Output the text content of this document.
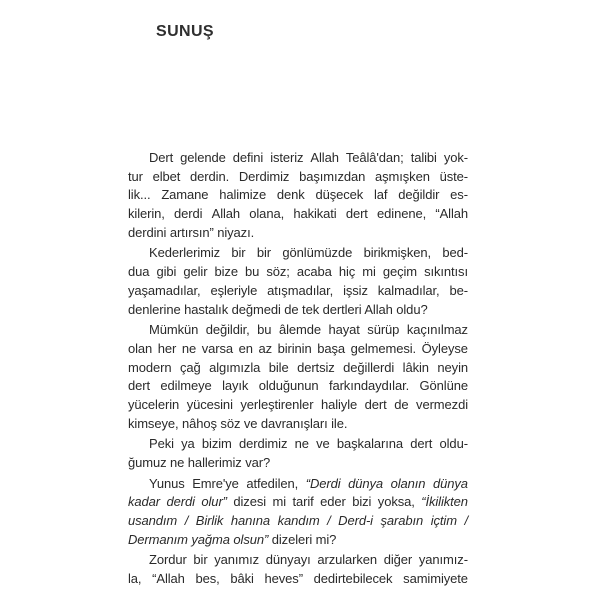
SUNUŞ
Dert gelende defini isteriz Allah Teâlâ'dan; talibi yok-
tur elbet derdin. Derdimiz başımızdan aşmışken üste-
lik... Zamane halimize denk düşecek laf değildir es-
kilerin, derdi Allah olana, hakikati dert edinene, “Allah
derdini artırsın” niyazı.
Kederlerimiz bir bir gönlümüzde birikmişken, bed-
dua gibi gelir bize bu söz; acaba hiç mi geçim sıkıntısı
yaşamadılar, eşleriyle atışmadılar, işsiz kalmadılar, be-
denlerine hastalık değmedi de tek dertleri Allah oldu?
Mümkün değildir, bu âlemde hayat sürüp kaçınılmaz
olan her ne varsa en az birinin başa gelmemesi. Öyleyse
modern çağ algımızla bile dertsiz değillerdi lâkin neyin
dert edilmeye layık olduğunun farkındaydılar. Gönlüne
yücelerin yücesini yerleştirenler haliyle dert de vermezdi
kimseye, nâhoş söz ve davranışları ile.
Peki ya bizim derdimiz ne ve başkalarına dert oldu-
ğumuz ne hallerimiz var?
Yunus Emre'ye atfedilen, “Derdi dünya olanın dünya
kadar derdi olur” dizesi mi tarif eder bizi yoksa, “İkilikten
usandım / Birlik hanına kandım / Derd-i şarabın içtim /
Dermanım yağma olsun” dizeleri mi?
Zordur bir yanımız dünyayı arzularken diğer yanımız-
la, “Allah bes, bâki heves” dedirtebilecek samimiyete
